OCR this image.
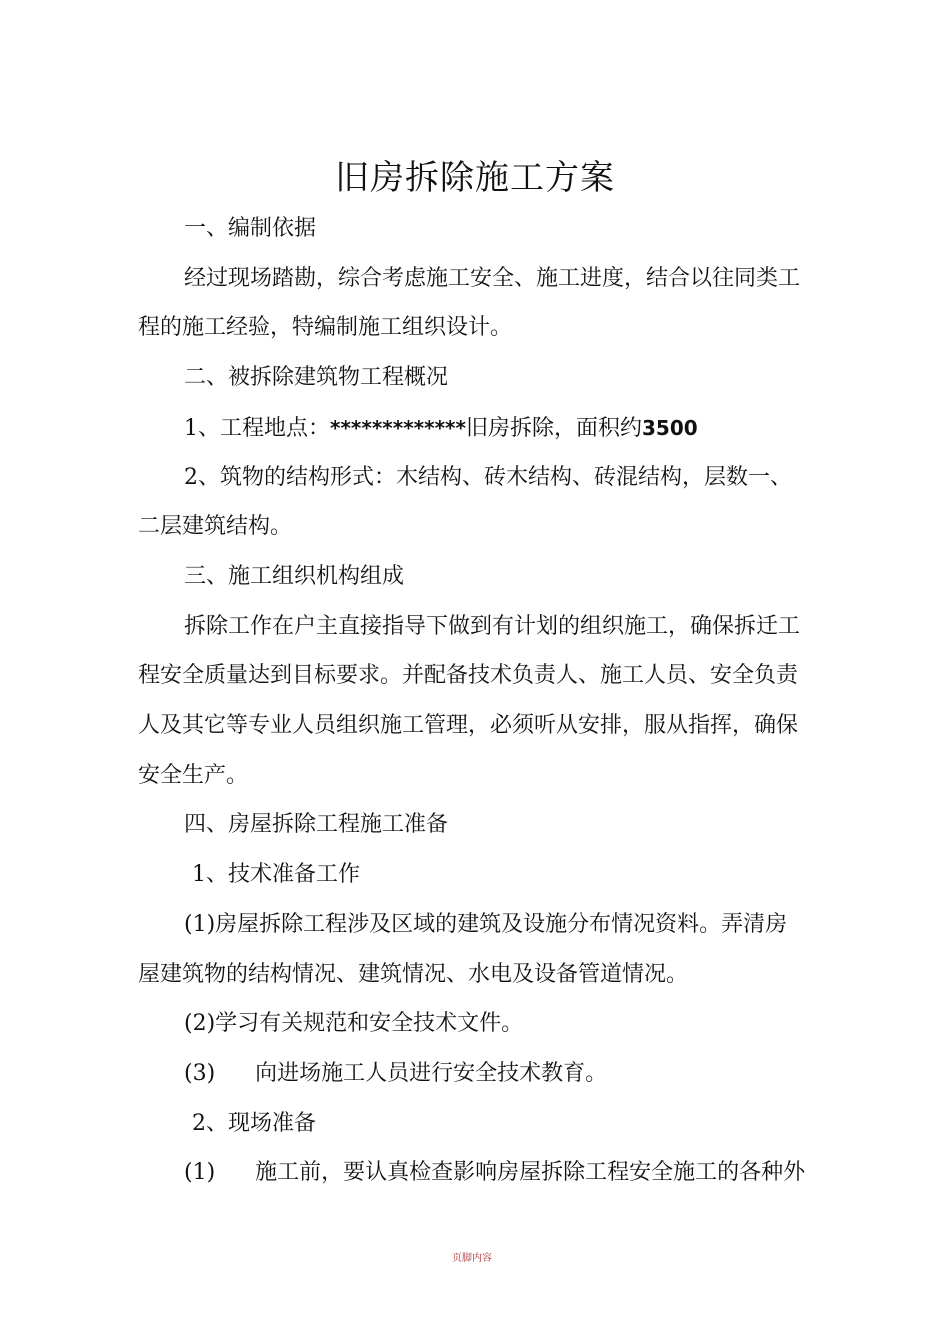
旧房拆除施工方案
一、编制依据
经过现场踏勘，综合考虑施工安全、施工进度，结合以往同类工
程的施工经验，特编制施工组织设计。
二、被拆除建筑物工程概况
1、工程地点：*************旧房拆除，面积约3500
2、筑物的结构形式：木结构、砖木结构、砖混结构，层数一、
二层建筑结构。
三、施工组织机构组成
拆除工作在户主直接指导下做到有计划的组织施工，确保拆迁工
程安全质量达到目标要求。并配备技术负责人、施工人员、安全负责
人及其它等专业人员组织施工管理，必须听从安排，服从指挥，确保
安全生产。
四、房屋拆除工程施工准备
1、技术准备工作
(1)房屋拆除工程涉及区域的建筑及设施分布情况资料。弄清房
屋建筑物的结构情况、建筑情况、水电及设备管道情况。
(2)学习有关规范和安全技术文件。
(3) 向进场施工人员进行安全技术教育。
2、现场准备
(1) 施工前，要认真检查影响房屋拆除工程安全施工的各种外
页脚内容
